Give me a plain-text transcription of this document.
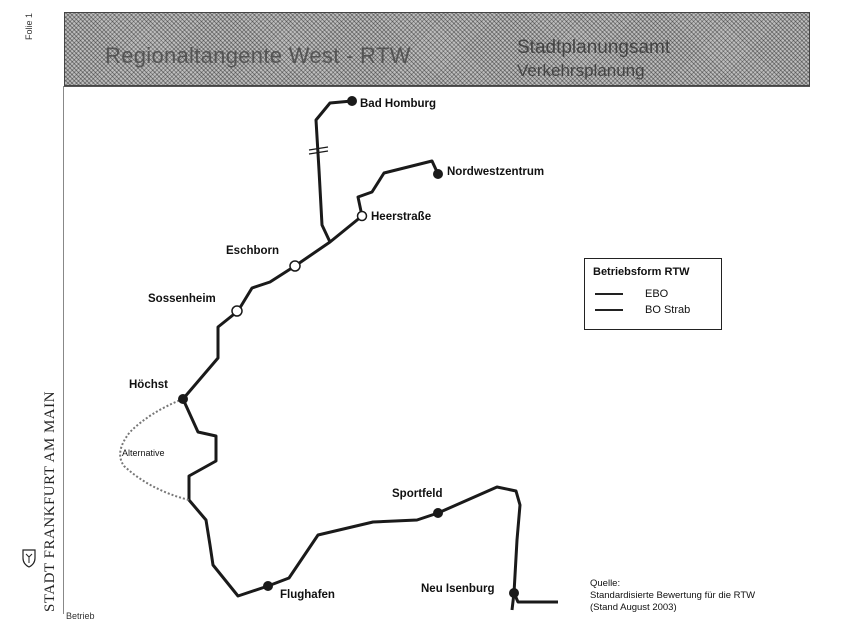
Regionaltangente West - RTW	Stadtplanungsamt
Verkehrsplanung
Folie 1
Betrieb
STADT FRANKFURT AM MAIN
Bad Homburg
Nordwestzentrum
Heerstraße
Eschborn
Sossenheim
Höchst
Sportfeld
Flughafen	Neu Isenburg
Alternative
Betriebsform RTW
EBO
BO Strab
Quelle:
Standardisierte Bewertung für die RTW
(Stand August 2003)
